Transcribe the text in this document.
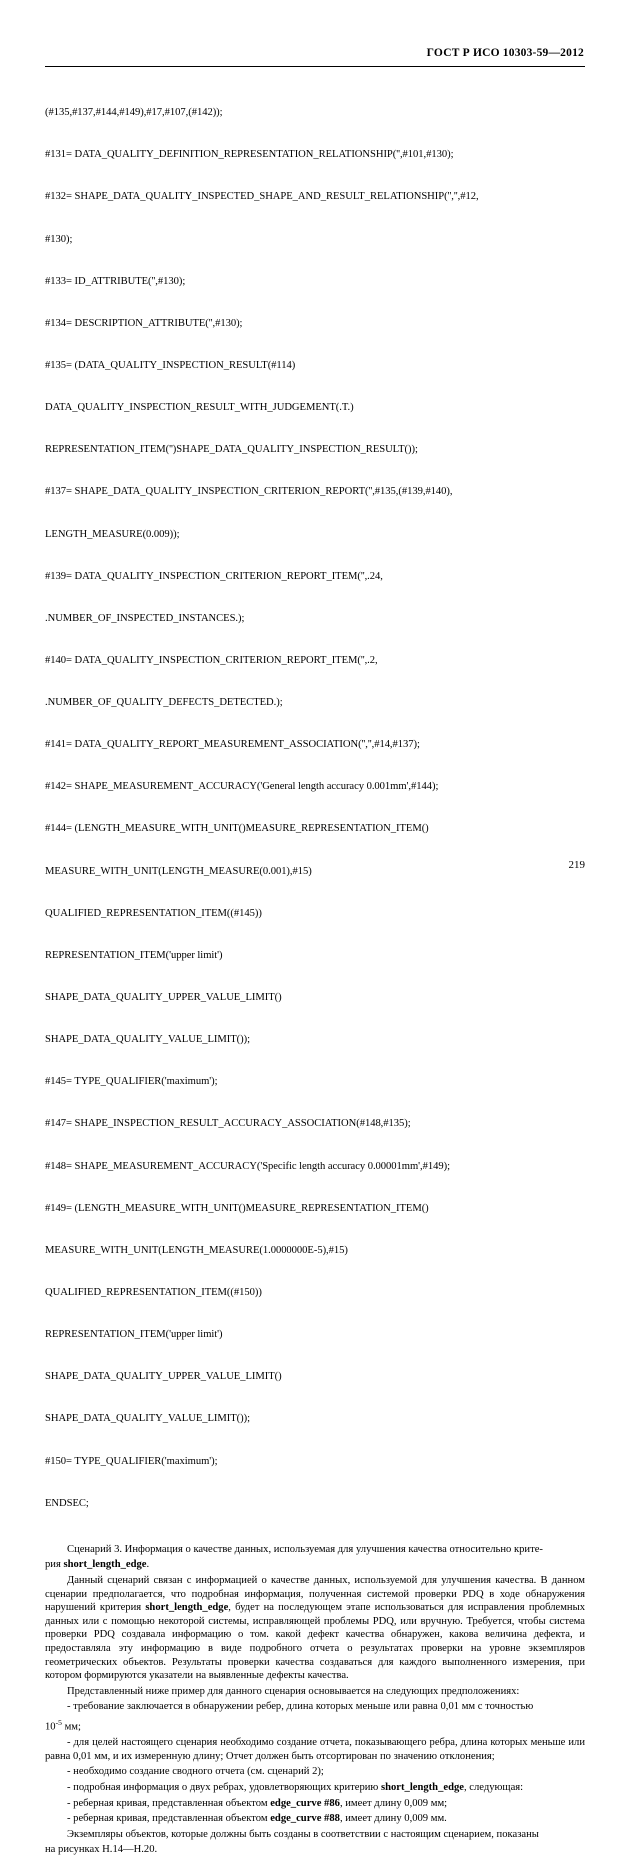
ГОСТ Р ИСО 10303-59—2012

(#135,#137,#144,#149),#17,#107,(#142));

#131= DATA_QUALITY_DEFINITION_REPRESENTATION_RELATIONSHIP('',#101,#130);

#132= SHAPE_DATA_QUALITY_INSPECTED_SHAPE_AND_RESULT_RELATIONSHIP('','',#12,

#130);

#133= ID_ATTRIBUTE('',#130);

#134= DESCRIPTION_ATTRIBUTE('',#130);

#135= (DATA_QUALITY_INSPECTION_RESULT(#114)

DATA_QUALITY_INSPECTION_RESULT_WITH_JUDGEMENT(.T.)

REPRESENTATION_ITEM('')SHAPE_DATA_QUALITY_INSPECTION_RESULT());

#137= SHAPE_DATA_QUALITY_INSPECTION_CRITERION_REPORT('',#135,(#139,#140),

LENGTH_MEASURE(0.009));

#139= DATA_QUALITY_INSPECTION_CRITERION_REPORT_ITEM('',.24,

.NUMBER_OF_INSPECTED_INSTANCES.);

#140= DATA_QUALITY_INSPECTION_CRITERION_REPORT_ITEM('',.2,

.NUMBER_OF_QUALITY_DEFECTS_DETECTED.);

#141= DATA_QUALITY_REPORT_MEASUREMENT_ASSOCIATION('','',#14,#137);

#142= SHAPE_MEASUREMENT_ACCURACY('General length accuracy 0.001mm',#144);

#144= (LENGTH_MEASURE_WITH_UNIT()MEASURE_REPRESENTATION_ITEM()

MEASURE_WITH_UNIT(LENGTH_MEASURE(0.001),#15)

QUALIFIED_REPRESENTATION_ITEM((#145))

REPRESENTATION_ITEM('upper limit')

SHAPE_DATA_QUALITY_UPPER_VALUE_LIMIT()

SHAPE_DATA_QUALITY_VALUE_LIMIT());

#145= TYPE_QUALIFIER('maximum');

#147= SHAPE_INSPECTION_RESULT_ACCURACY_ASSOCIATION(#148,#135);

#148= SHAPE_MEASUREMENT_ACCURACY('Specific length accuracy 0.00001mm',#149);

#149= (LENGTH_MEASURE_WITH_UNIT()MEASURE_REPRESENTATION_ITEM()

MEASURE_WITH_UNIT(LENGTH_MEASURE(1.0000000E-5),#15)

QUALIFIED_REPRESENTATION_ITEM((#150))

REPRESENTATION_ITEM('upper limit')

SHAPE_DATA_QUALITY_UPPER_VALUE_LIMIT()

SHAPE_DATA_QUALITY_VALUE_LIMIT());

#150= TYPE_QUALIFIER('maximum');

ENDSEC;

Сценарий 3. Информация о качестве данных, используемая для улучшения качества относительно крите-
рия short_length_edge.
Данный сценарий связан с информацией о качестве данных, используемой для улучшения качества. В данном сценарии предполагается, что подробная информация, полученная системой проверки PDQ в ходе обнаружения нарушений критерия short_length_edge, будет на последующем этапе использоваться для исправления проблемных данных или с помощью некоторой системы, исправляющей проблемы PDQ, или вручную. Требуется, чтобы система проверки PDQ создавала информацию о том. какой дефект качества обнаружен, какова величина дефекта, и предоставляла эту информацию в виде подробного отчета о результатах проверки на уровне экземпляров геометрических объектов. Результаты проверки качества создаваться для каждого выполненного измерения, при котором формируются указатели на выявленные дефекты качества.
Представленный ниже пример для данного сценария основывается на следующих предположениях:
- требование заключается в обнаружении ребер, длина которых меньше или равна 0,01 мм с точностью
$10^{-5}$ мм;
- для целей настоящего сценария необходимо создание отчета, показывающего ребра, длина которых меньше или равна 0,01 мм, и их измеренную длину; Отчет должен быть отсортирован по значению отклонения;
- необходимо создание сводного отчета (см. сценарий 2);
- подробная информация о двух ребрах, удовлетворяющих критерию short_length_edge, следующая:
- реберная кривая, представленная объектом edge_curve #86, имеет длину 0,009 мм;
- реберная кривая, представленная объектом edge_curve #88, имеет длину 0,009 мм.
Экземпляры объектов, которые должны быть созданы в соответствии с настоящим сценарием, показаны
на рисунках Н.14—Н.20.
219
